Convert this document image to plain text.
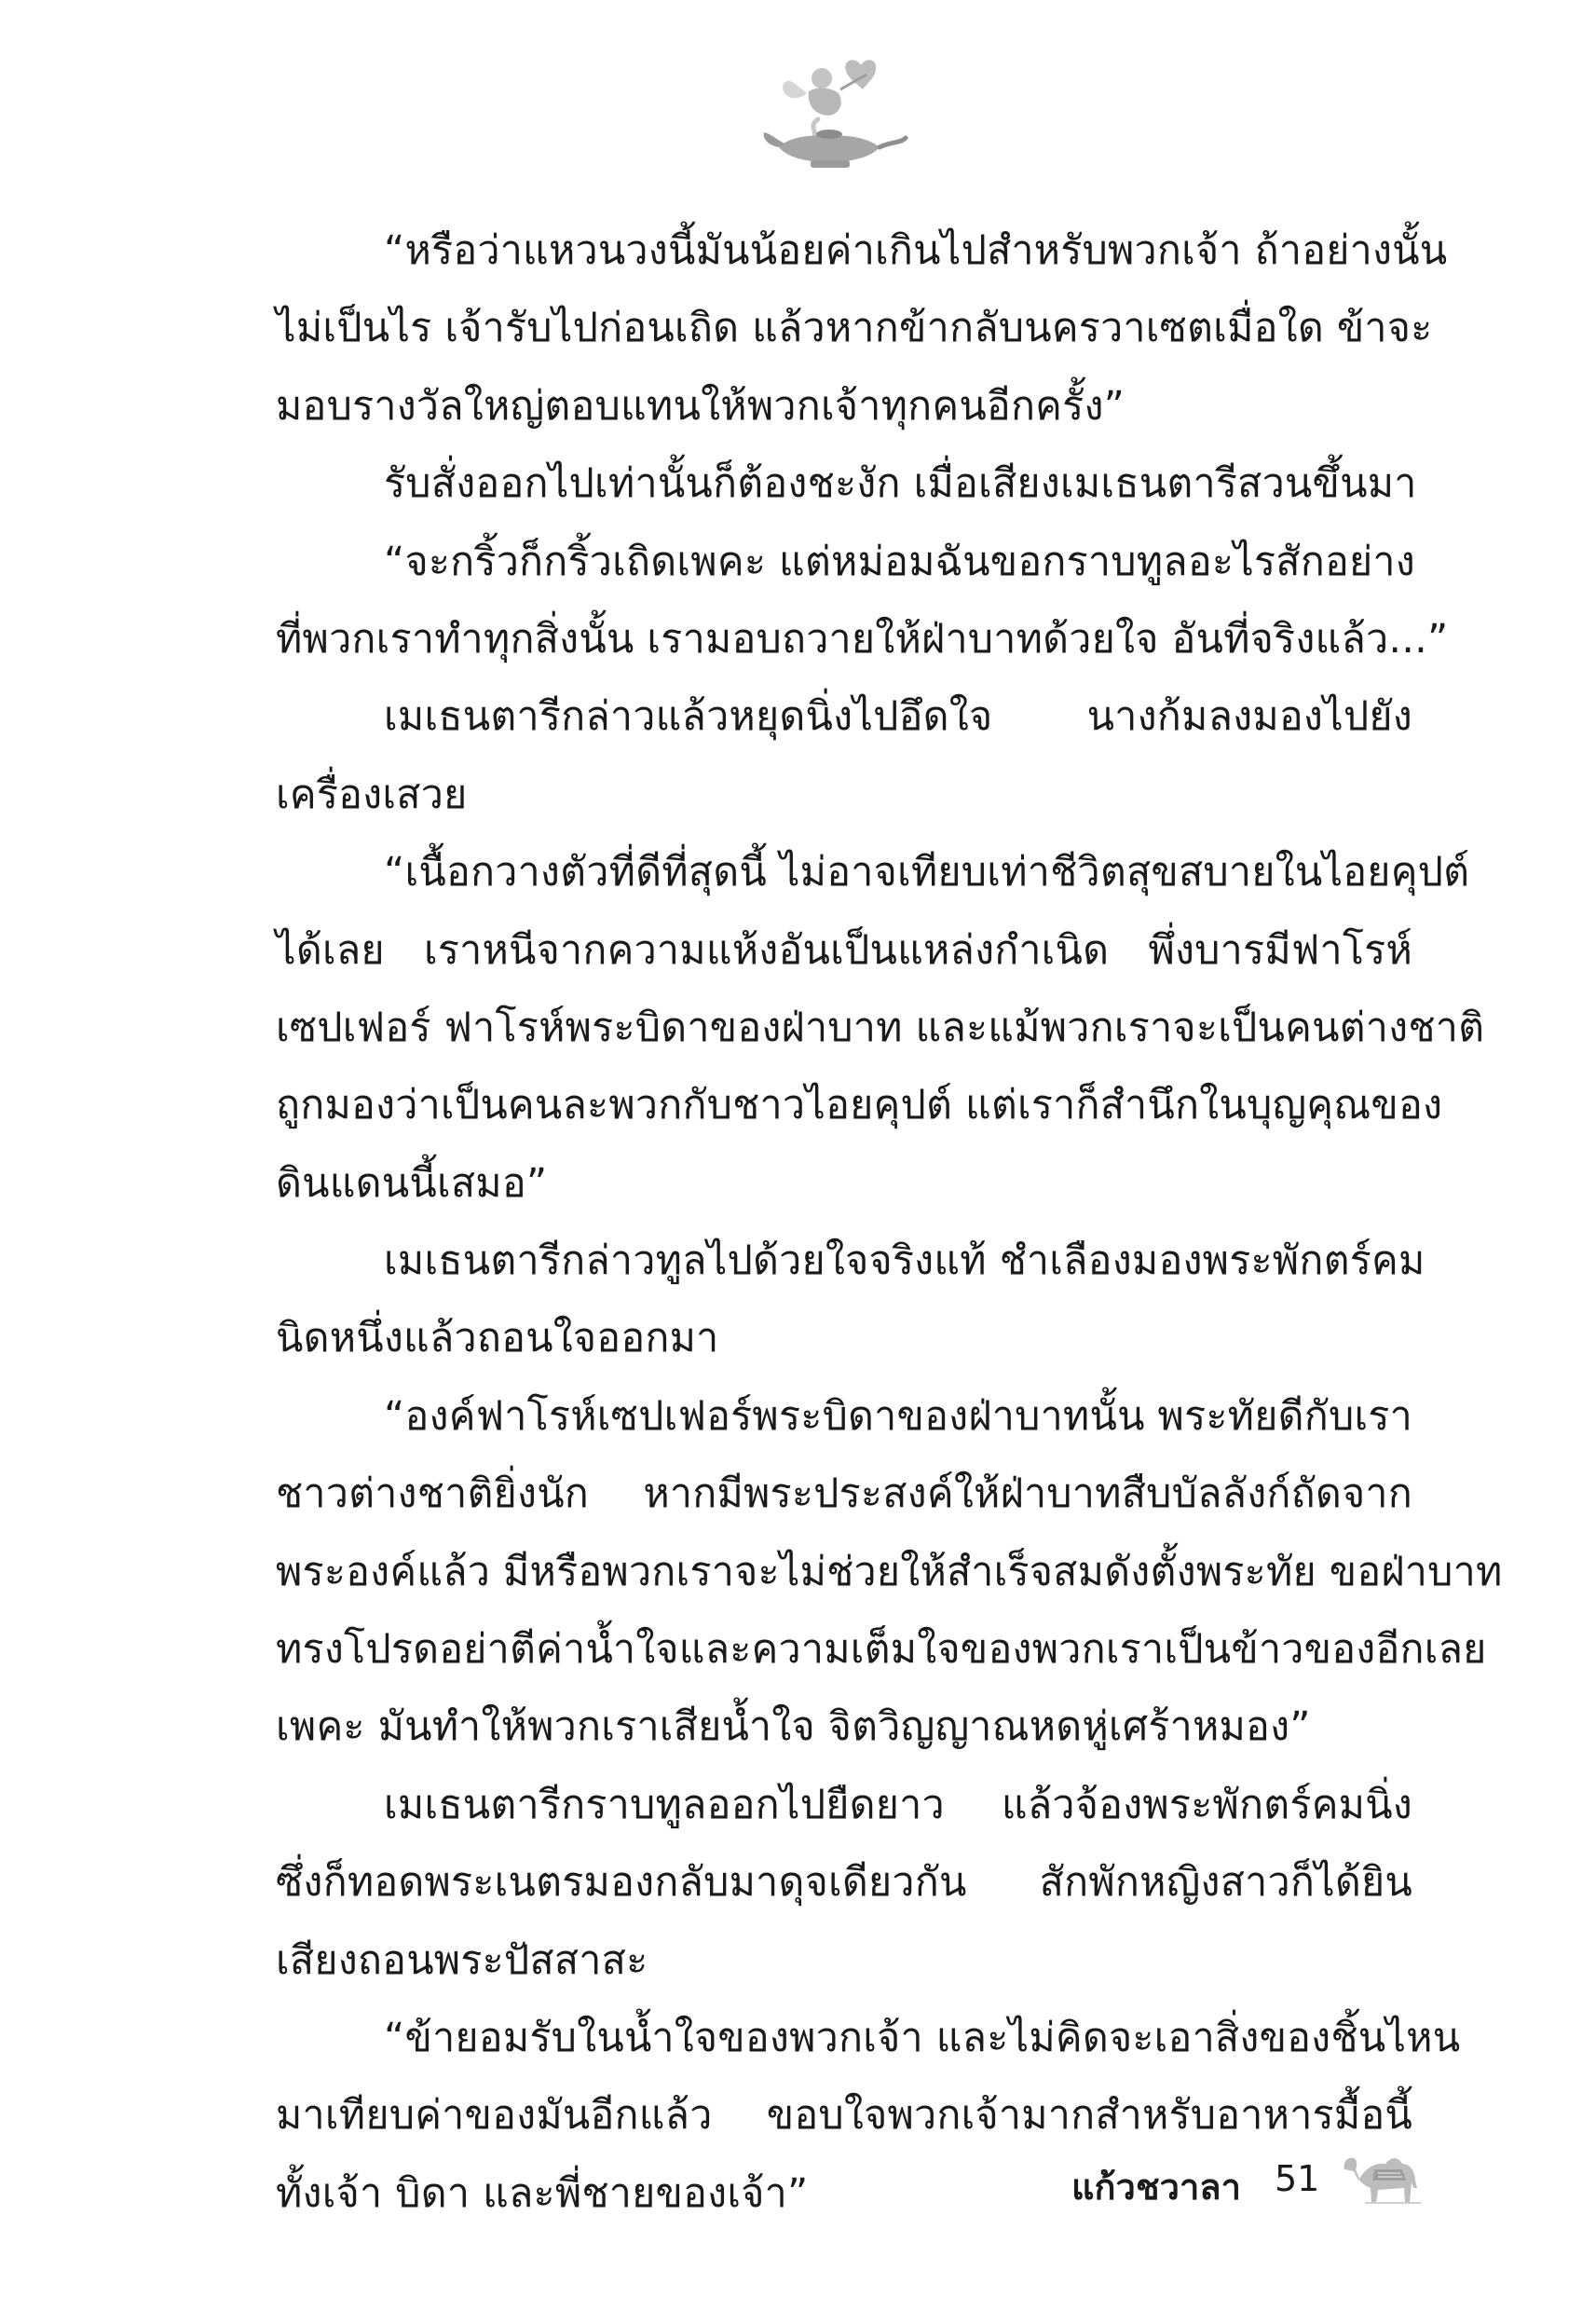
“หรือว่าแหวนวงนี้มันน้อยค่าเกินไปสำหรับพวกเจ้า ถ้าอย่างนั้น
ไม่เป็นไร เจ้ารับไปก่อนเถิด แล้วหากข้ากลับนครวาเซตเมื่อใด ข้าจะ
มอบรางวัลใหญ่ตอบแทนให้พวกเจ้าทุกคนอีกครั้ง”
รับสั่งออกไปเท่านั้นก็ต้องชะงัก เมื่อเสียงเมเธนตารีสวนขึ้นมา
“จะกริ้วก็กริ้วเถิดเพคะ แต่หม่อมฉันขอกราบทูลอะไรสักอย่าง
ที่พวกเราทำทุกสิ่งนั้น เรามอบถวายให้ฝ่าบาทด้วยใจ อันที่จริงแล้ว...”
เมเธนตารีกล่าวแล้วหยุดนิ่งไปอึดใจ นางก้มลงมองไปยัง
เครื่องเสวย
“เนื้อกวางตัวที่ดีที่สุดนี้ ไม่อาจเทียบเท่าชีวิตสุขสบายในไอยคุปต์
ได้เลย เราหนีจากความแห้งอันเป็นแหล่งกำเนิด พึ่งบารมีฟาโรห์
เซปเฟอร์ ฟาโรห์พระบิดาของฝ่าบาท และแม้พวกเราจะเป็นคนต่างชาติ
ถูกมองว่าเป็นคนละพวกกับชาวไอยคุปต์ แต่เราก็สำนึกในบุญคุณของ
ดินแดนนี้เสมอ”
เมเธนตารีกล่าวทูลไปด้วยใจจริงแท้ ชำเลืองมองพระพักตร์คม
นิดหนึ่งแล้วถอนใจออกมา
“องค์ฟาโรห์เซปเฟอร์พระบิดาของฝ่าบาทนั้น พระทัยดีกับเรา
ชาวต่างชาติยิ่งนัก หากมีพระประสงค์ให้ฝ่าบาทสืบบัลลังก์ถัดจาก
พระองค์แล้ว มีหรือพวกเราจะไม่ช่วยให้สำเร็จสมดังตั้งพระทัย ขอฝ่าบาท
ทรงโปรดอย่าตีค่าน้ำใจและความเต็มใจของพวกเราเป็นข้าวของอีกเลย
เพคะ มันทำให้พวกเราเสียน้ำใจ จิตวิญญาณหดหู่เศร้าหมอง”
เมเธนตารีกราบทูลออกไปยืดยาว แล้วจ้องพระพักตร์คมนิ่ง
ซึ่งก็ทอดพระเนตรมองกลับมาดุจเดียวกัน สักพักหญิงสาวก็ได้ยิน
เสียงถอนพระปัสสาสะ
“ข้ายอมรับในน้ำใจของพวกเจ้า และไม่คิดจะเอาสิ่งของชิ้นไหน
มาเทียบค่าของมันอีกแล้ว ขอบใจพวกเจ้ามากสำหรับอาหารมื้อนี้
ทั้งเจ้า บิดา และพี่ชายของเจ้า”	แก้วชวาลา 51
